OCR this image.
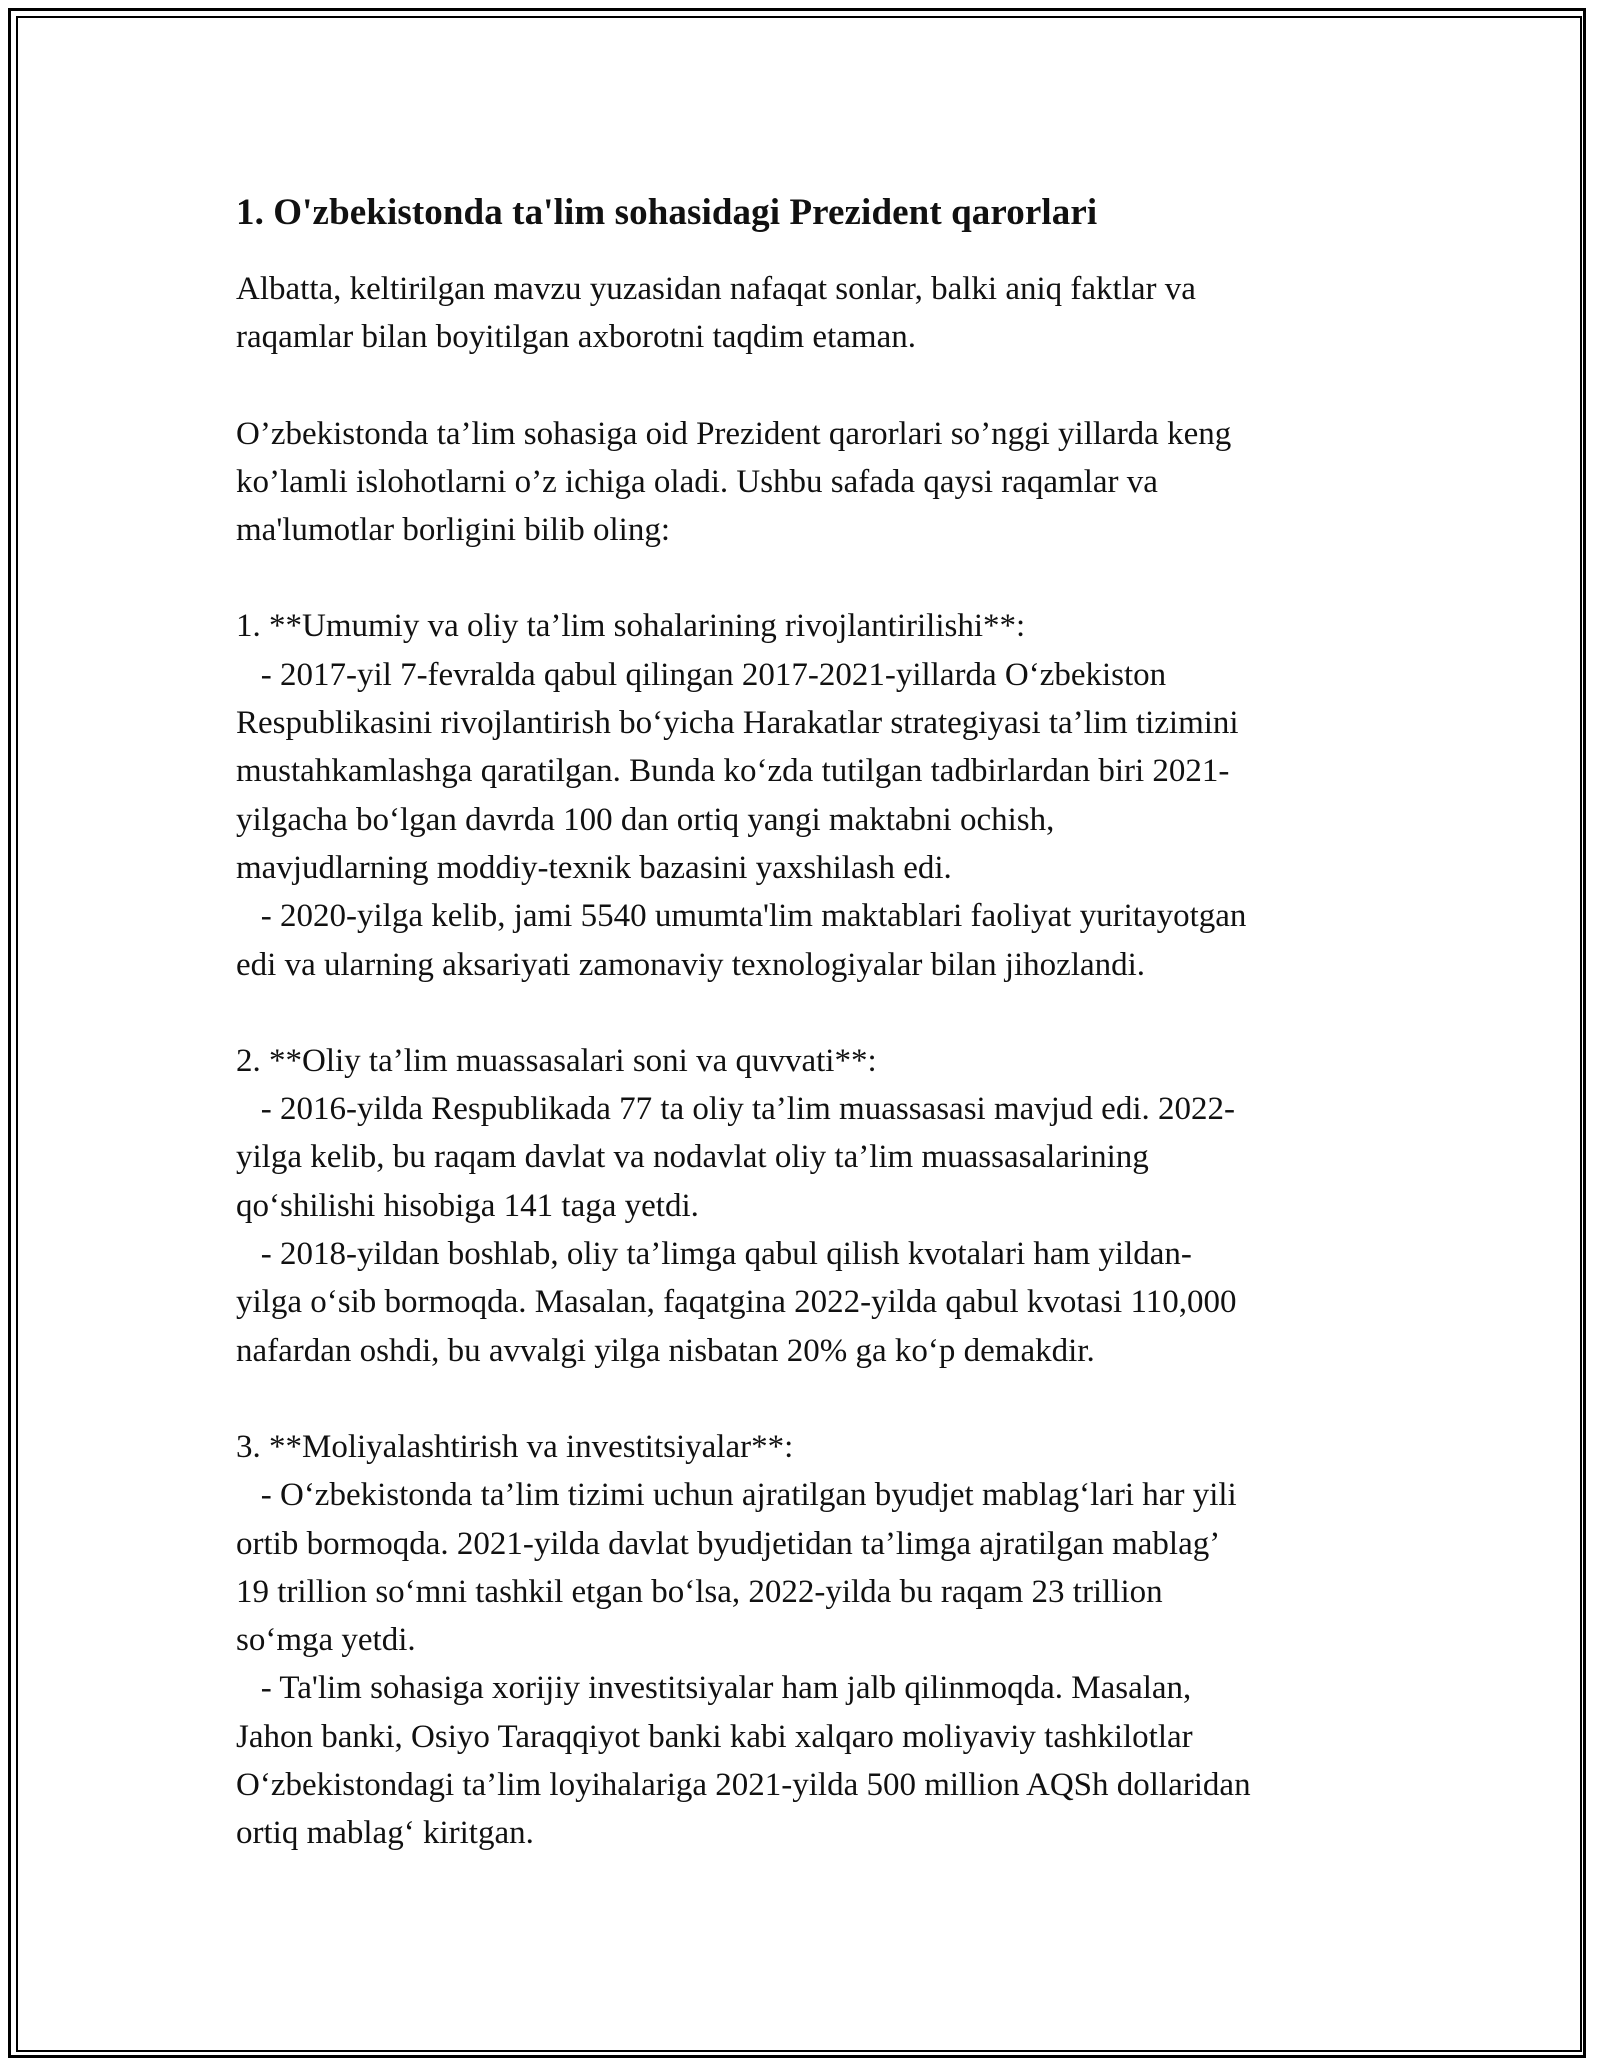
1. O'zbekistonda ta'lim sohasidagi Prezident qarorlari
Albatta, keltirilgan mavzu yuzasidan nafaqat sonlar, balki aniq faktlar va
raqamlar bilan boyitilgan axborotni taqdim etaman.
O’zbekistonda ta’lim sohasiga oid Prezident qarorlari so’nggi yillarda keng
ko’lamli islohotlarni o’z ichiga oladi. Ushbu safada qaysi raqamlar va
ma'lumotlar borligini bilib oling:
1. **Umumiy va oliy ta’lim sohalarining rivojlantirilishi**:
- 2017-yil 7-fevralda qabul qilingan 2017-2021-yillarda O‘zbekiston
Respublikasini rivojlantirish bo‘yicha Harakatlar strategiyasi ta’lim tizimini
mustahkamlashga qaratilgan. Bunda ko‘zda tutilgan tadbirlardan biri 2021-
yilgacha bo‘lgan davrda 100 dan ortiq yangi maktabni ochish,
mavjudlarning moddiy-texnik bazasini yaxshilash edi.
- 2020-yilga kelib, jami 5540 umumta'lim maktablari faoliyat yuritayotgan
edi va ularning aksariyati zamonaviy texnologiyalar bilan jihozlandi.
2. **Oliy ta’lim muassasalari soni va quvvati**:
- 2016-yilda Respublikada 77 ta oliy ta’lim muassasasi mavjud edi. 2022-
yilga kelib, bu raqam davlat va nodavlat oliy ta’lim muassasalarining
qo‘shilishi hisobiga 141 taga yetdi.
- 2018-yildan boshlab, oliy ta’limga qabul qilish kvotalari ham yildan-
yilga o‘sib bormoqda. Masalan, faqatgina 2022-yilda qabul kvotasi 110,000
nafardan oshdi, bu avvalgi yilga nisbatan 20% ga ko‘p demakdir.
3. **Moliyalashtirish va investitsiyalar**:
- O‘zbekistonda ta’lim tizimi uchun ajratilgan byudjet mablag‘lari har yili
ortib bormoqda. 2021-yilda davlat byudjetidan ta’limga ajratilgan mablag’
19 trillion so‘mni tashkil etgan bo‘lsa, 2022-yilda bu raqam 23 trillion
so‘mga yetdi.
- Ta'lim sohasiga xorijiy investitsiyalar ham jalb qilinmoqda. Masalan,
Jahon banki, Osiyo Taraqqiyot banki kabi xalqaro moliyaviy tashkilotlar
O‘zbekistondagi ta’lim loyihalariga 2021-yilda 500 million AQSh dollaridan
ortiq mablag‘ kiritgan.
